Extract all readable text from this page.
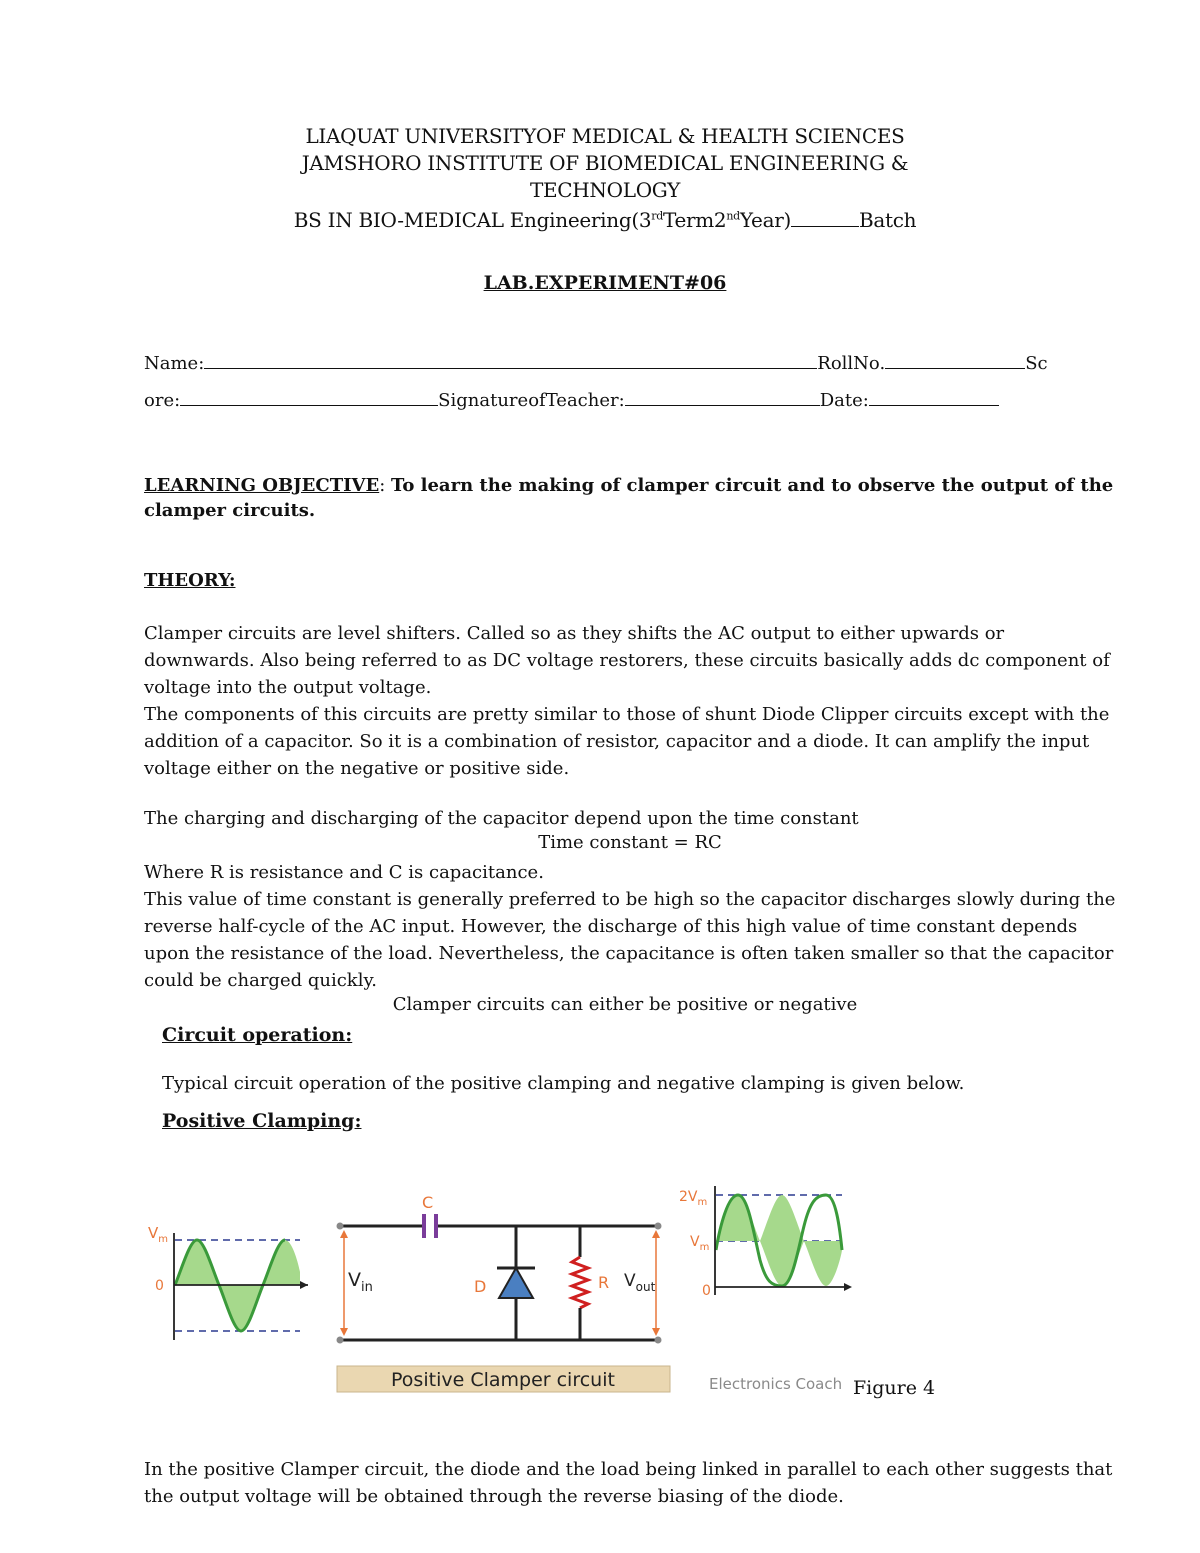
LIAQUAT UNIVERSITYOF MEDICAL & HEALTH SCIENCES
JAMSHORO INSTITUTE OF BIOMEDICAL ENGINEERING &
TECHNOLOGY
BS IN BIO-MEDICAL Engineering(3rdTerm2ndYear)	Batch
LAB.EXPERIMENT#06
Name:	RollNo.	Sc
ore:	SignatureofTeacher:	Date:
LEARNING OBJECTIVE: To learn the making of clamper circuit and to observe the output of the clamper circuits.
THEORY:
Clamper circuits are level shifters. Called so as they shifts the AC output to either upwards or downwards. Also being referred to as DC voltage restorers, these circuits basically adds dc component of voltage into the output voltage.
The components of this circuits are pretty similar to those of shunt Diode Clipper circuits except with the addition of a capacitor. So it is a combination of resistor, capacitor and a diode. It can amplify the input voltage either on the negative or positive side.
The charging and discharging of the capacitor depend upon the time constant
Time constant = RC
Where R is resistance and C is capacitance.
This value of time constant is generally preferred to be high so the capacitor discharges slowly during the reverse half-cycle of the AC input. However, the discharge of this high value of time constant depends upon the resistance of the load. Nevertheless, the capacitance is often taken smaller so that the capacitor could be charged quickly.
Clamper circuits can either be positive or negative
Circuit operation:
Typical circuit operation of the positive clamping and negative clamping is given below.
Positive Clamping:
$V_m$
0
C
$V_{in}$	D	R $V_{out}$
Positive Clamper circuit
$2V_m$
$V_m$
0
Electronics Coach Figure 4
In the positive Clamper circuit, the diode and the load being linked in parallel to each other suggests that the output voltage will be obtained through the reverse biasing of the diode.
